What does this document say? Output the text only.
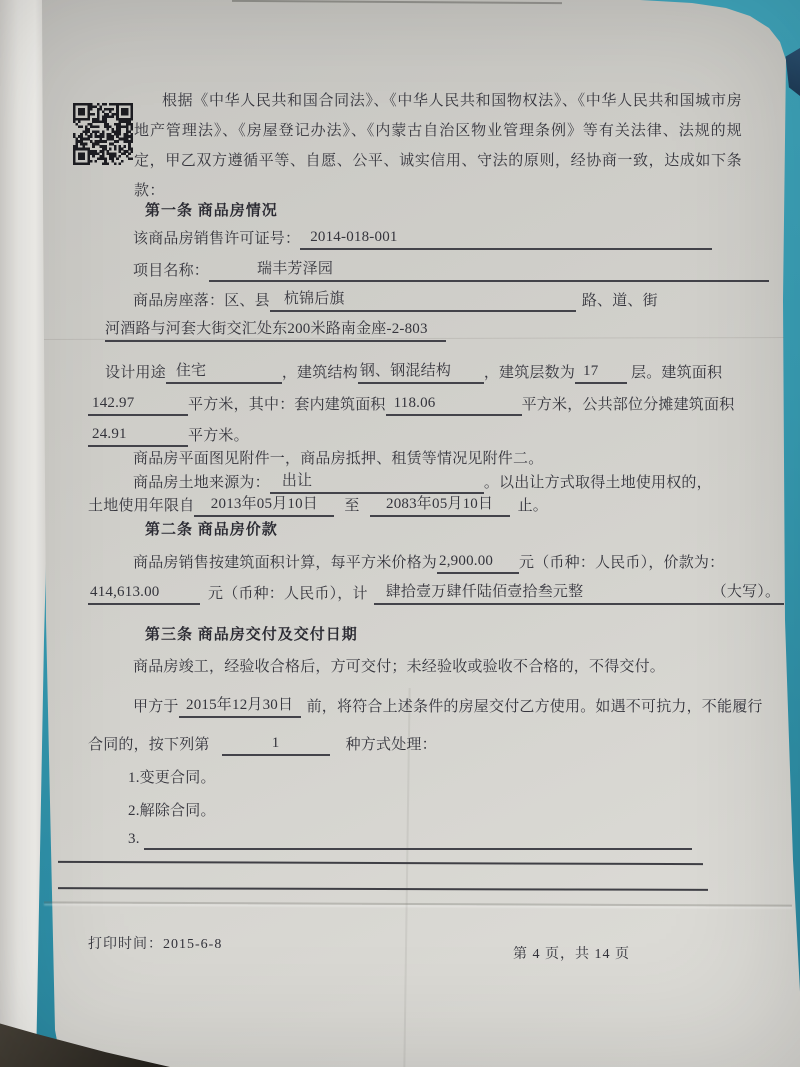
根据《中华人民共和国合同法》、《中华人民共和国物权法》、《中华人民共和国城市房地产管理法》、《房屋登记办法》、《内蒙古自治区物业管理条例》等有关法律、法规的规定，甲乙双方遵循平等、自愿、公平、诚实信用、守法的原则，经协商一致，达成如下条款：
第一条 商品房情况
该商品房销售许可证号： 2014-018-001
项目名称：	瑞丰芳泽园
商品房座落：区、县 杭锦后旗	路、道、街
河酒路与河套大街交汇处东200米路南金座-2-803
设计用途 住宅	，建筑结构 钢、钢混结构 ，建筑层数为 17 层。建筑面积
142.97	平方米，其中：套内建筑面积 118.06	平方米，公共部位分摊建筑面积
24.91	平方米。
商品房平面图见附件一，商品房抵押、租赁等情况见附件二。
商品房土地来源为： 出让	。以出让方式取得土地使用权的，
土地使用年限自 2013年05月10日 至 2083年05月10日 止。
第二条 商品房价款
商品房销售按建筑面积计算，每平方米价格为 2,900.00 元（币种：人民币），价款为：
414,613.00	元（币种：人民币），计 肆拾壹万肆仟陆佰壹拾叁元整	（大写）。
第三条 商品房交付及交付日期
商品房竣工，经验收合格后，方可交付；未经验收或验收不合格的，不得交付。
甲方于 2015年12月30日 前，将符合上述条件的房屋交付乙方使用。如遇不可抗力，不能履行
合同的，按下列第	1	种方式处理：
1.变更合同。
2.解除合同。
3.
打印时间：2015-6-8
第 4 页，共 14 页
